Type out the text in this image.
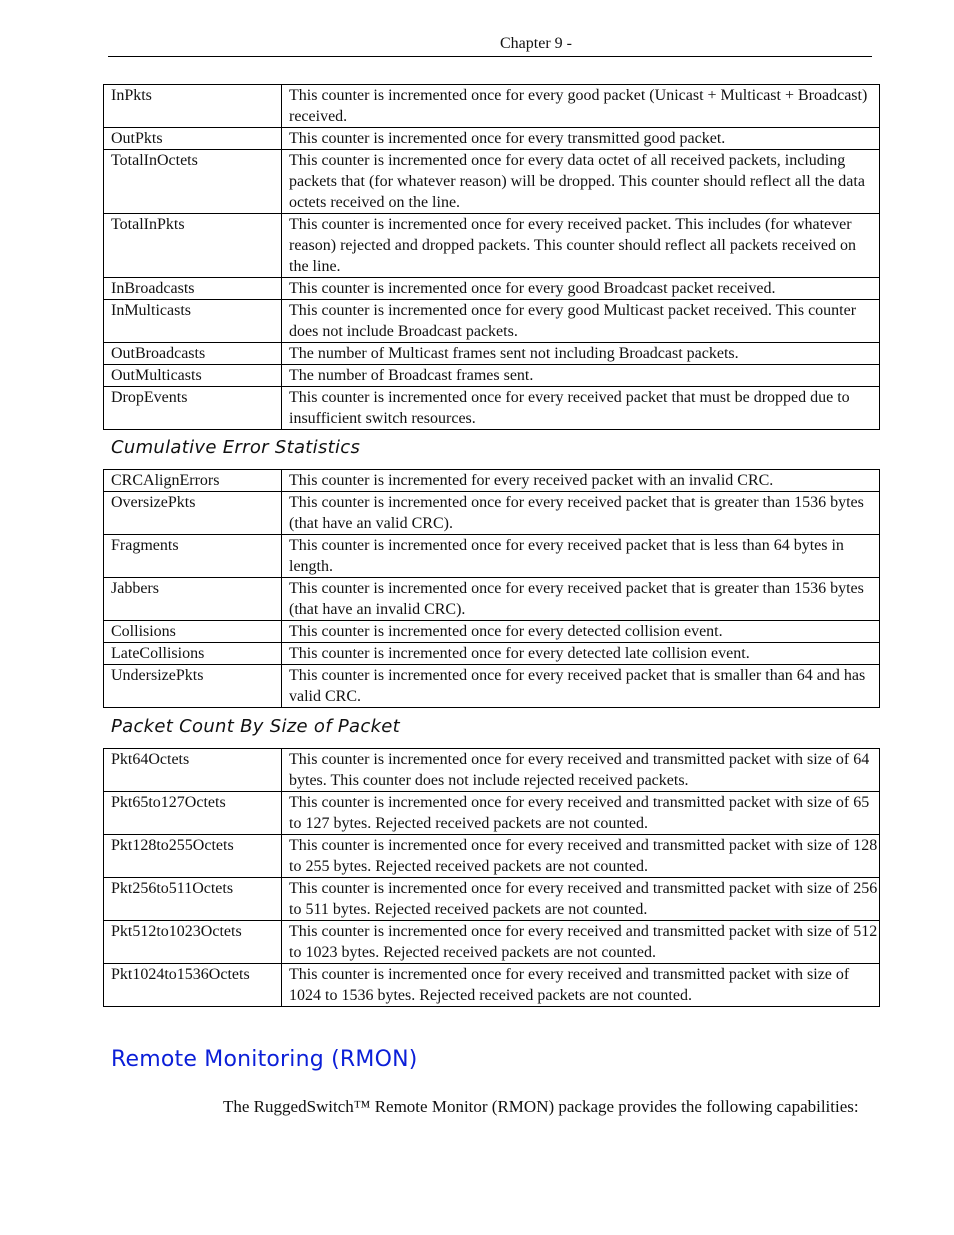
Chapter 9 -
InPkts	This counter is incremented once for every good packet (Unicast + Multicast + Broadcast) received.
OutPkts	This counter is incremented once for every transmitted good packet.
TotalInOctets	This counter is incremented once for every data octet of all received packets, including packets that (for whatever reason) will be dropped. This counter should reflect all the data octets received on the line.
TotalInPkts	This counter is incremented once for every received packet. This includes (for whatever reason) rejected and dropped packets. This counter should reflect all packets received on the line.
InBroadcasts	This counter is incremented once for every good Broadcast packet received.
InMulticasts	This counter is incremented once for every good Multicast packet received. This counter does not include Broadcast packets.
OutBroadcasts	The number of Multicast frames sent not including Broadcast packets.
OutMulticasts	The number of Broadcast frames sent.
DropEvents	This counter is incremented once for every received packet that must be dropped due to insufficient switch resources.
Cumulative Error Statistics
CRCAlignErrors	This counter is incremented for every received packet with an invalid CRC.
OversizePkts	This counter is incremented once for every received packet that is greater than 1536 bytes (that have an valid CRC).
Fragments	This counter is incremented once for every received packet that is less than 64 bytes in length.
Jabbers	This counter is incremented once for every received packet that is greater than 1536 bytes (that have an invalid CRC).
Collisions	This counter is incremented once for every detected collision event.
LateCollisions	This counter is incremented once for every detected late collision event.
UndersizePkts	This counter is incremented once for every received packet that is smaller than 64 and has valid CRC.
Packet Count By Size of Packet
Pkt64Octets	This counter is incremented once for every received and transmitted packet with size of 64 bytes. This counter does not include rejected received packets.
Pkt65to127Octets	This counter is incremented once for every received and transmitted packet with size of 65 to 127 bytes. Rejected received packets are not counted.
Pkt128to255Octets	This counter is incremented once for every received and transmitted packet with size of 128 to 255 bytes. Rejected received packets are not counted.
Pkt256to511Octets	This counter is incremented once for every received and transmitted packet with size of 256 to 511 bytes. Rejected received packets are not counted.
Pkt512to1023Octets	This counter is incremented once for every received and transmitted packet with size of 512 to 1023 bytes. Rejected received packets are not counted.
Pkt1024to1536Octets	This counter is incremented once for every received and transmitted packet with size of 1024 to 1536 bytes. Rejected received packets are not counted.
Remote Monitoring (RMON)
The RuggedSwitch™ Remote Monitor (RMON) package provides the following capabilities:
